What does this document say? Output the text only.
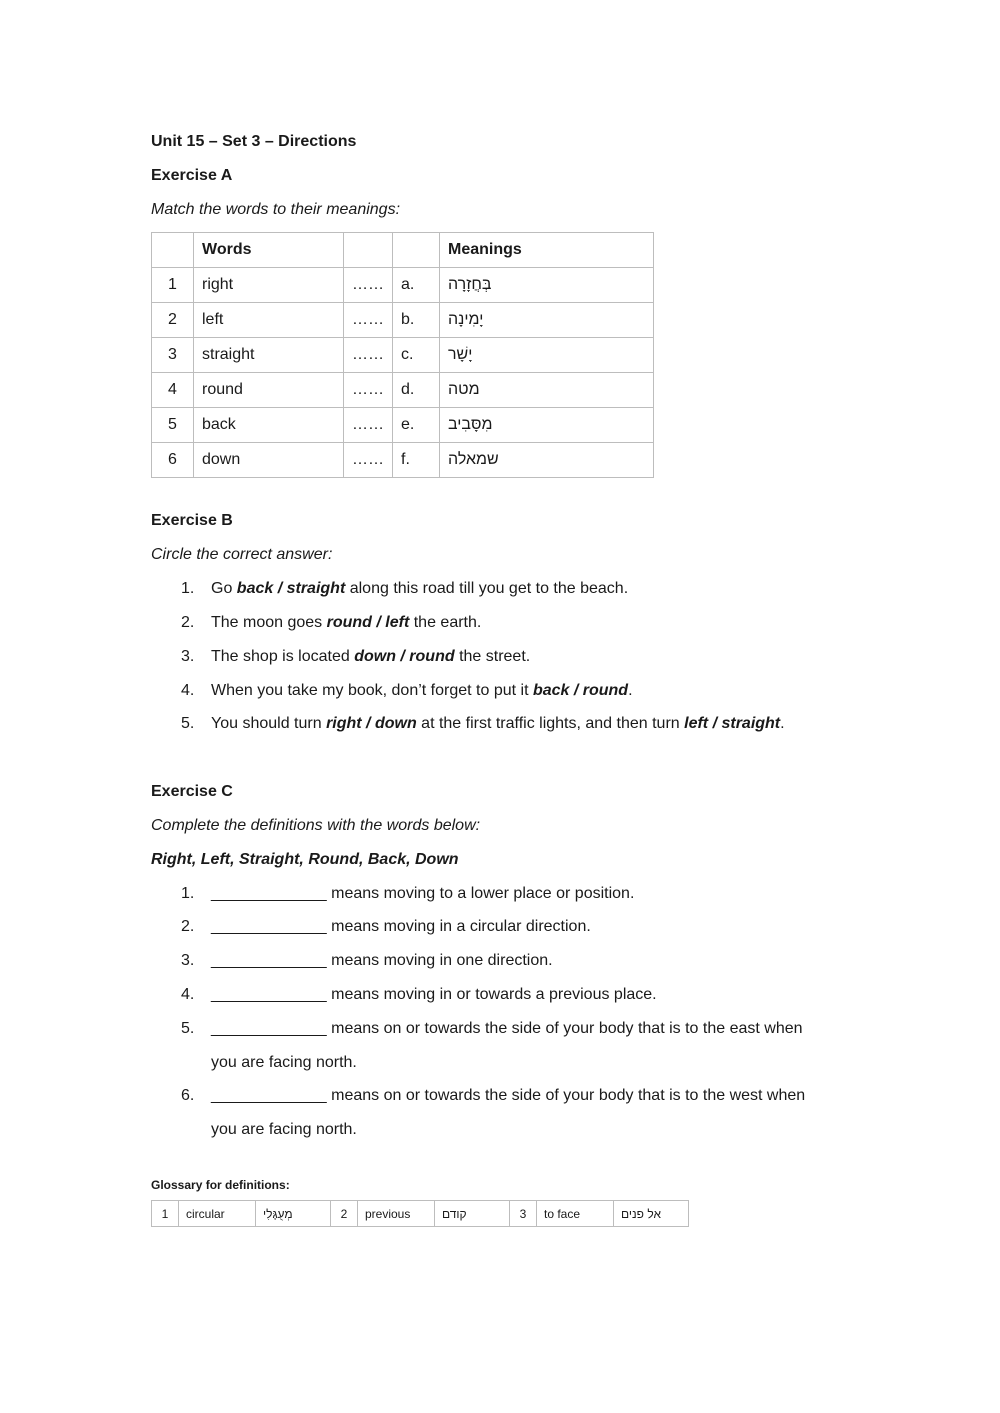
Unit 15 – Set 3 – Directions
Exercise A
Match the words to their meanings:
	Words			Meanings
1	right	……	a.	בְּחֲזָרָה
2	left	……	b.	יָמִינָה
3	straight	……	c.	יָשָׁר
4	round	……	d.	מטה
5	back	……	e.	מִסָּבִיב
6	down	……	f.	שמאלה
Exercise B
Circle the correct answer:
1. Go back / straight along this road till you get to the beach.
2. The moon goes round / left the earth.
3. The shop is located down / round the street.
4. When you take my book, don’t forget to put it back / round.
5. You should turn right / down at the first traffic lights, and then turn left / straight.
Exercise C
Complete the definitions with the words below:
Right, Left, Straight, Round, Back, Down
1. _____________ means moving to a lower place or position.
2. _____________ means moving in a circular direction.
3. _____________ means moving in one direction.
4. _____________ means moving in or towards a previous place.
5. _____________ means on or towards the side of your body that is to the east when
you are facing north.
6. _____________ means on or towards the side of your body that is to the west when
you are facing north.
Glossary for definitions:
1	circular	מְעֻגָּלִי	2	previous	קודם	3	to face	אל פנים
